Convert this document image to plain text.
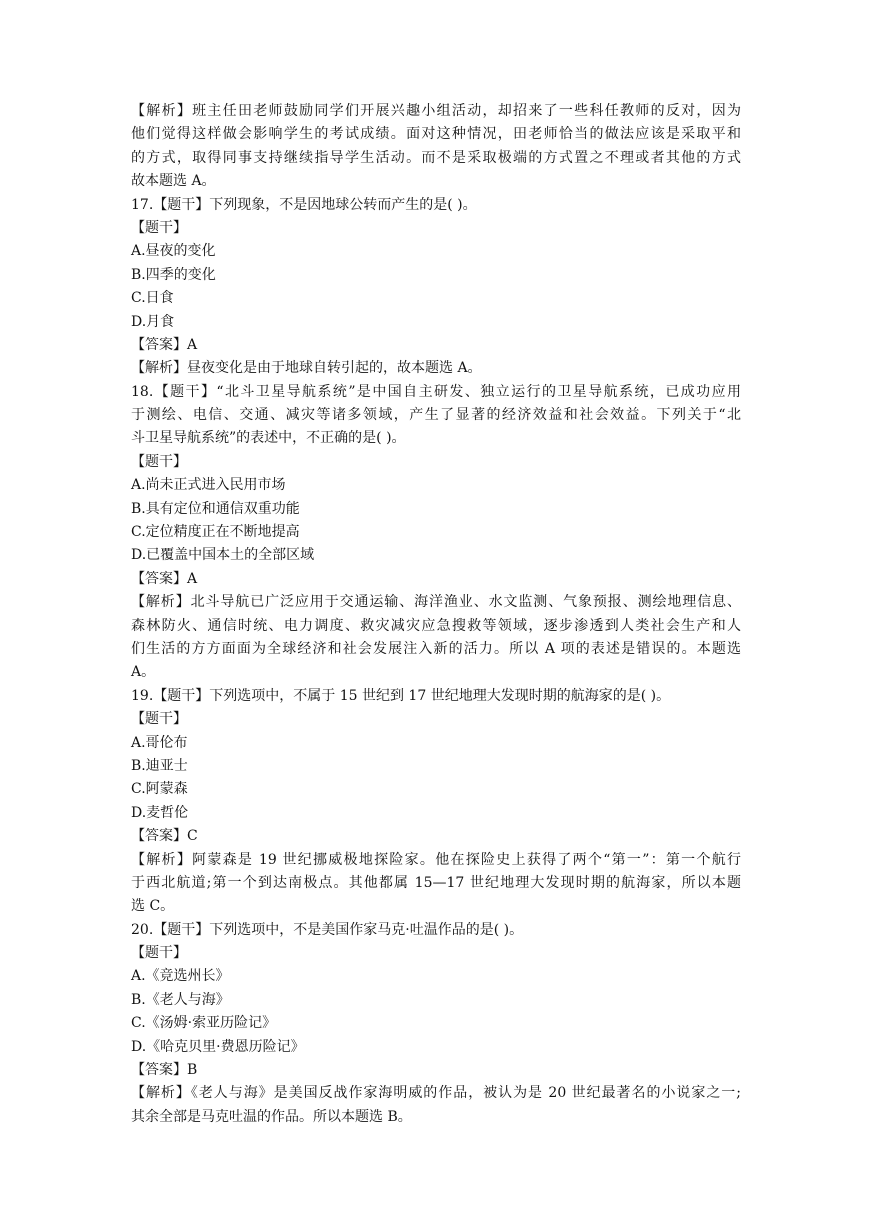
【解析】班主任田老师鼓励同学们开展兴趣小组活动，却招来了一些科任教师的反对，因为
他们觉得这样做会影响学生的考试成绩。面对这种情况，田老师恰当的做法应该是采取平和
的方式，取得同事支持继续指导学生活动。而不是采取极端的方式置之不理或者其他的方式
故本题选 A。
17.【题干】下列现象，不是因地球公转而产生的是( )。
【题干】
A.昼夜的变化
B.四季的变化
C.日食
D.月食
【答案】A
【解析】昼夜变化是由于地球自转引起的，故本题选 A。
18.【题干】“北斗卫星导航系统”是中国自主研发、独立运行的卫星导航系统，已成功应用
于测绘、电信、交通、减灾等诸多领域，产生了显著的经济效益和社会效益。下列关于“北
斗卫星导航系统”的表述中，不正确的是( )。
【题干】
A.尚未正式进入民用市场
B.具有定位和通信双重功能
C.定位精度正在不断地提高
D.已覆盖中国本土的全部区域
【答案】A
【解析】北斗导航已广泛应用于交通运输、海洋渔业、水文监测、气象预报、测绘地理信息、
森林防火、通信时统、电力调度、救灾减灾应急搜救等领域，逐步渗透到人类社会生产和人
们生活的方方面面为全球经济和社会发展注入新的活力。所以 A 项的表述是错误的。本题选
A。
19.【题干】下列选项中，不属于 15 世纪到 17 世纪地理大发现时期的航海家的是( )。
【题干】
A.哥伦布
B.迪亚士
C.阿蒙森
D.麦哲伦
【答案】C
【解析】阿蒙森是 19 世纪挪威极地探险家。他在探险史上获得了两个“第一”：第一个航行
于西北航道;第一个到达南极点。其他都属 15—17 世纪地理大发现时期的航海家，所以本题
选 C。
20.【题干】下列选项中，不是美国作家马克·吐温作品的是( )。
【题干】
A.《竞选州长》
B.《老人与海》
C.《汤姆·索亚历险记》
D.《哈克贝里·费恩历险记》
【答案】B
【解析】《老人与海》是美国反战作家海明威的作品，被认为是 20 世纪最著名的小说家之一;
其余全部是马克吐温的作品。所以本题选 B。
